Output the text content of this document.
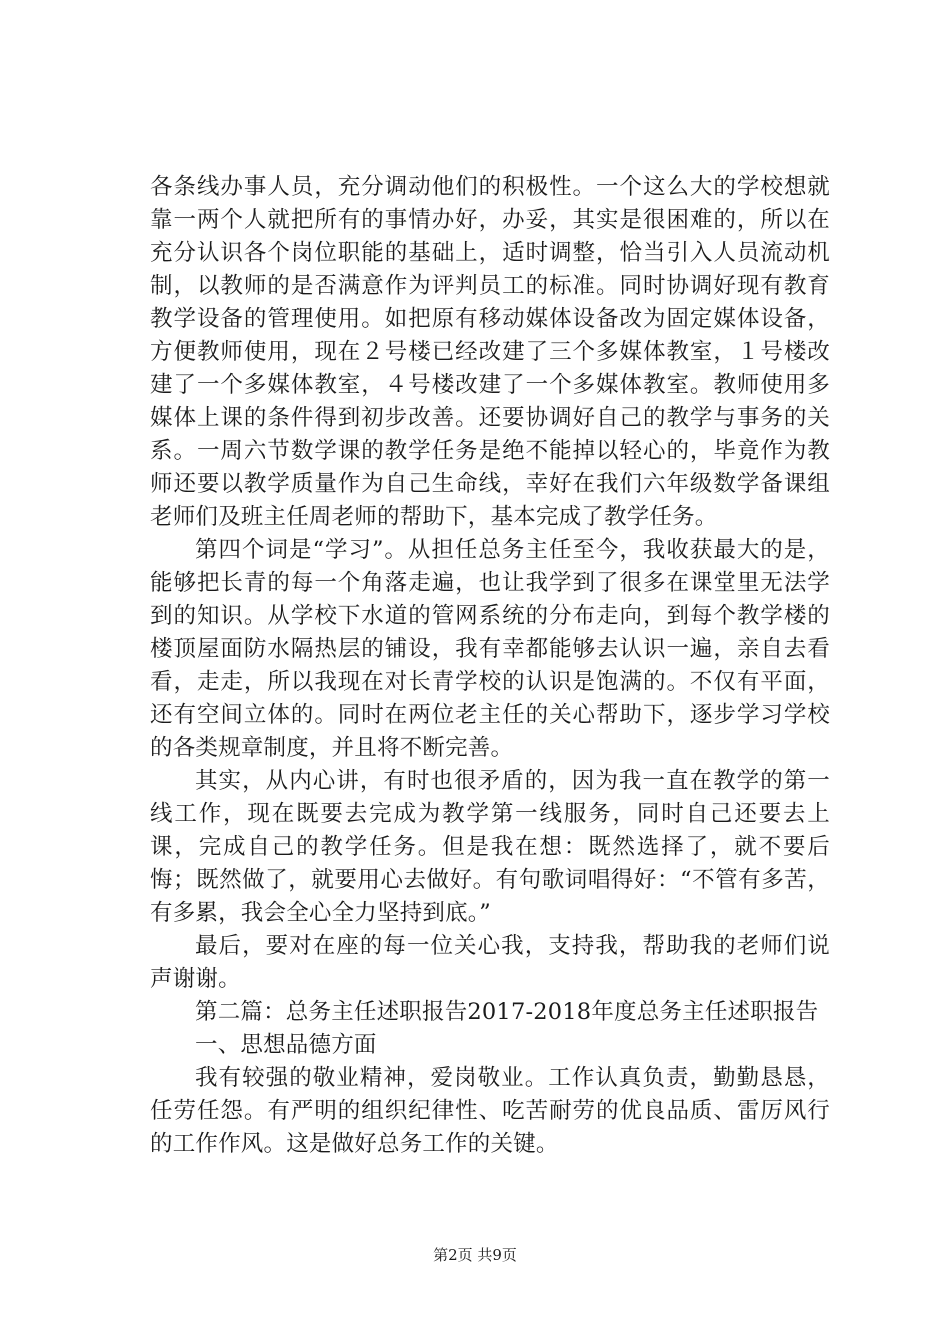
各条线办事人员，充分调动他们的积极性。一个这么大的学校想就靠一两个人就把所有的事情办好，办妥，其实是很困难的，所以在充分认识各个岗位职能的基础上，适时调整，恰当引入人员流动机制，以教师的是否满意作为评判员工的标准。同时协调好现有教育教学设备的管理使用。如把原有移动媒体设备改为固定媒体设备，方便教师使用，现在２号楼已经改建了三个多媒体教室，１号楼改建了一个多媒体教室，４号楼改建了一个多媒体教室。教师使用多媒体上课的条件得到初步改善。还要协调好自己的教学与事务的关系。一周六节数学课的教学任务是绝不能掉以轻心的，毕竟作为教师还要以教学质量作为自己生命线，幸好在我们六年级数学备课组老师们及班主任周老师的帮助下，基本完成了教学任务。

第四个词是“学习”。从担任总务主任至今，我收获最大的是，能够把长青的每一个角落走遍，也让我学到了很多在课堂里无法学到的知识。从学校下水道的管网系统的分布走向，到每个教学楼的楼顶屋面防水隔热层的铺设，我有幸都能够去认识一遍，亲自去看看，走走，所以我现在对长青学校的认识是饱满的。不仅有平面，还有空间立体的。同时在两位老主任的关心帮助下，逐步学习学校的各类规章制度，并且将不断完善。

其实，从内心讲，有时也很矛盾的，因为我一直在教学的第一线工作，现在既要去完成为教学第一线服务，同时自己还要去上课，完成自己的教学任务。但是我在想：既然选择了，就不要后悔；既然做了，就要用心去做好。有句歌词唱得好：“不管有多苦，有多累，我会全心全力坚持到底。”

最后，要对在座的每一位关心我，支持我，帮助我的老师们说声谢谢。

第二篇：总务主任述职报告2017-2018年度总务主任述职报告

一、思想品德方面

我有较强的敬业精神，爱岗敬业。工作认真负责，勤勤恳恳，任劳任怨。有严明的组织纪律性、吃苦耐劳的优良品质、雷厉风行的工作作风。这是做好总务工作的关键。

第2页 共9页
